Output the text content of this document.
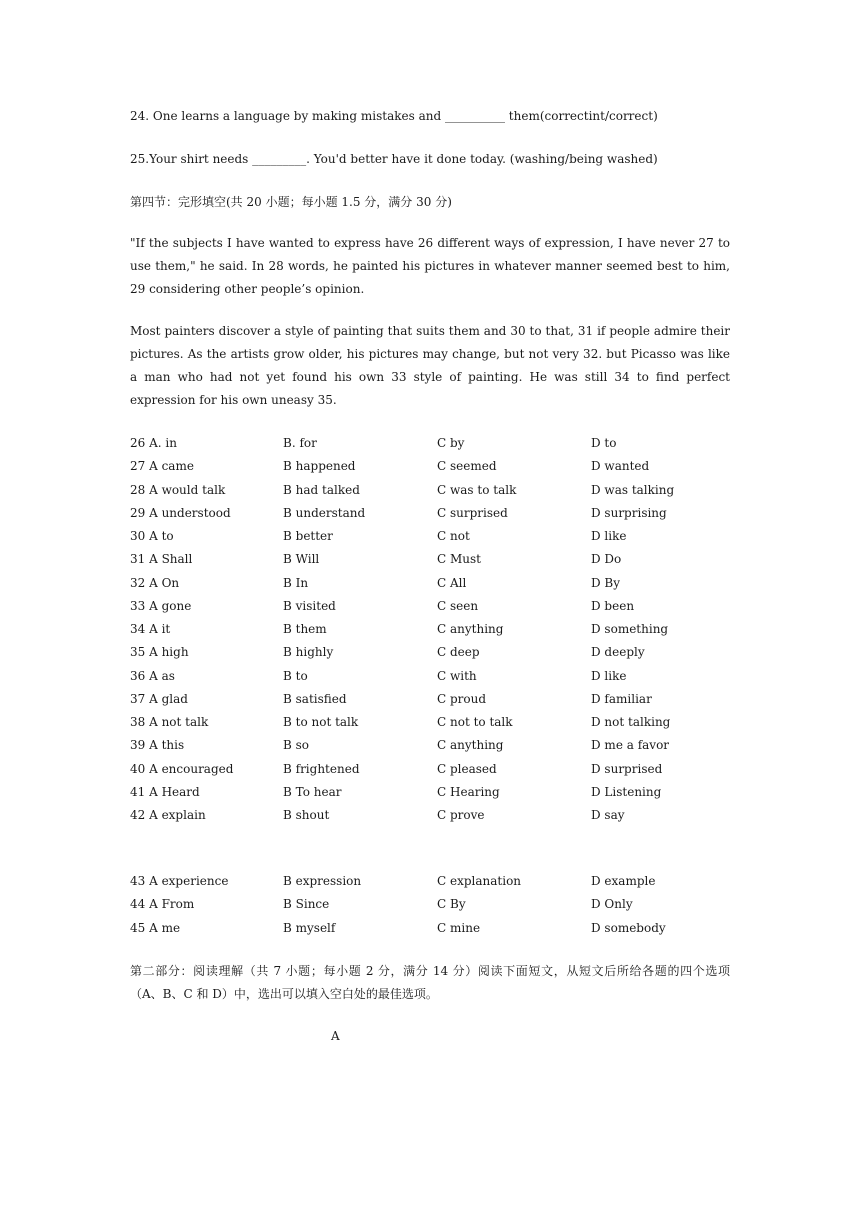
24. One learns a language by making mistakes and __________ them(correctint/correct)
25.Your shirt needs _________. You'd better have it done today. (washing/being washed)
第四节：完形填空(共 20 小题；每小题 1.5 分，满分 30 分)

"If the subjects I have wanted to express have 26 different ways of expression, I have never 27 to use them," he said. In 28 words, he painted his pictures in whatever manner seemed best to him, 29 considering other people’s opinion.

Most painters discover a style of painting that suits them and 30 to that, 31 if people admire their pictures. As the artists grow older, his pictures may change, but not very 32. but Picasso was like a man who had not yet found his own 33 style of painting. He was still 34 to find perfect expression for his own uneasy 35.

26 A. in	B. for	C by	D to
27 A came	B happened	C seemed	D wanted
28 A would talk	B had talked	C was to talk	D was talking
29 A understood	B understand	C surprised	D surprising
30 A to	B better	C not	D like
31 A Shall	B Will	C Must	D Do
32 A On	B In	C All	D By
33 A gone	B visited	C seen	D been
34 A it	B them	C anything	D something
35 A high	B highly	C deep	D deeply
36 A as	B to	C with	D like
37 A glad	B satisfied	C proud	D familiar
38 A not talk	B to not talk	C not to talk	D not talking
39 A this	B so	C anything	D me a favor
40 A encouraged	B frightened	C pleased	D surprised
41 A Heard	B To hear	C Hearing	D Listening
42 A explain	B shout	C prove	D say
43 A experience	B expression	C explanation	D example
44 A From	B Since	C By	D Only
45 A me	B myself	C mine	D somebody

第二部分：阅读理解（共 7 小题；每小题 2 分，满分 14 分）阅读下面短文，从短文后所给各题的四个选项（A、B、C 和 D）中，选出可以填入空白处的最佳选项。

A
